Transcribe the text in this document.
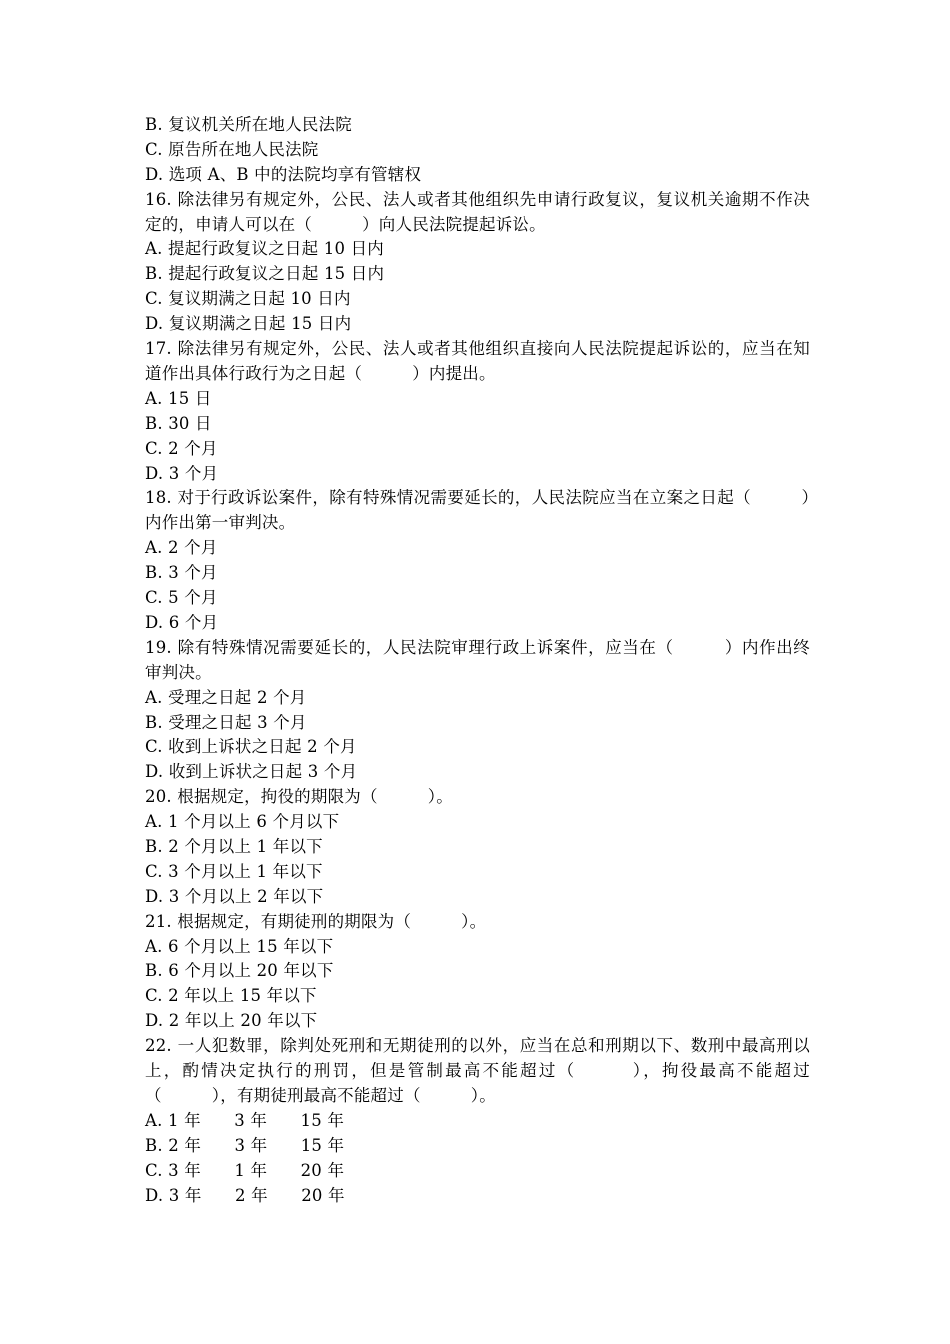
B. 复议机关所在地人民法院
C. 原告所在地人民法院
D. 选项 A、B 中的法院均享有管辖权
16. 除法律另有规定外，公民、法人或者其他组织先申请行政复议，复议机关逾期不作决定的，申请人可以在（　　　）向人民法院提起诉讼。
A. 提起行政复议之日起 10 日内
B. 提起行政复议之日起 15 日内
C. 复议期满之日起 10 日内
D. 复议期满之日起 15 日内
17. 除法律另有规定外，公民、法人或者其他组织直接向人民法院提起诉讼的，应当在知道作出具体行政行为之日起（　　　）内提出。
A. 15 日
B. 30 日
C. 2 个月
D. 3 个月
18. 对于行政诉讼案件，除有特殊情况需要延长的，人民法院应当在立案之日起（　　　）内作出第一审判决。
A. 2 个月
B. 3 个月
C. 5 个月
D. 6 个月
19. 除有特殊情况需要延长的，人民法院审理行政上诉案件，应当在（　　　）内作出终审判决。
A. 受理之日起 2 个月
B. 受理之日起 3 个月
C. 收到上诉状之日起 2 个月
D. 收到上诉状之日起 3 个月
20. 根据规定，拘役的期限为（　　　）。
A. 1 个月以上 6 个月以下
B. 2 个月以上 1 年以下
C. 3 个月以上 1 年以下
D. 3 个月以上 2 年以下
21. 根据规定，有期徒刑的期限为（　　　）。
A. 6 个月以上 15 年以下
B. 6 个月以上 20 年以下
C. 2 年以上 15 年以下
D. 2 年以上 20 年以下
22. 一人犯数罪，除判处死刑和无期徒刑的以外，应当在总和刑期以下、数刑中最高刑以上，酌情决定执行的刑罚，但是管制最高不能超过（　　　），拘役最高不能超过（　　　），有期徒刑最高不能超过（　　　）。
A. 1 年　　3 年　　15 年
B. 2 年　　3 年　　15 年
C. 3 年　　1 年　　20 年
D. 3 年　　2 年　　20 年
